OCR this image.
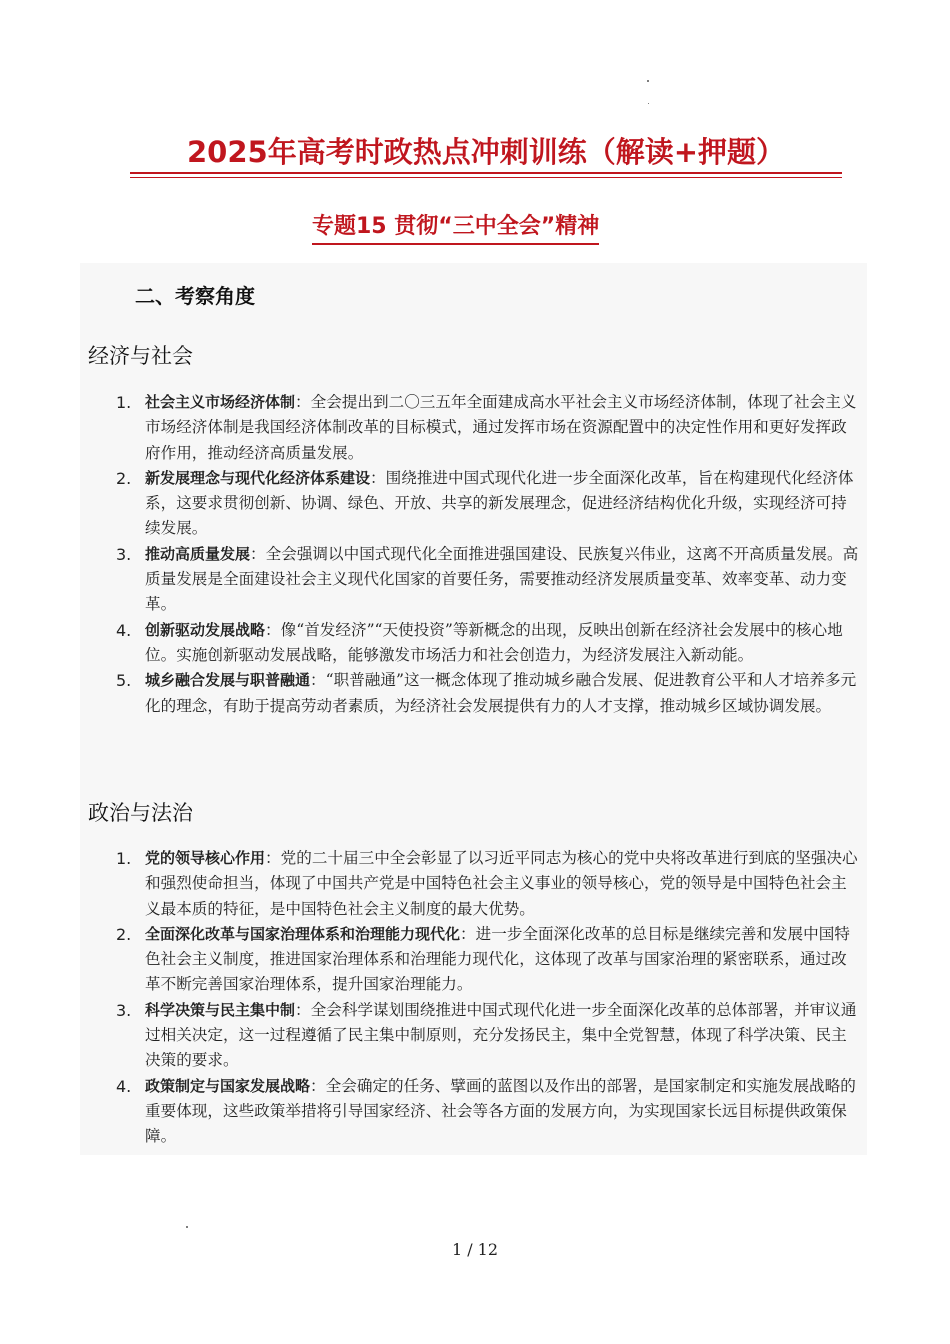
2025年高考时政热点冲刺训练（解读+押题）
专题15 贯彻“三中全会”精神
二、考察角度
经济与社会
1. 社会主义市场经济体制：全会提出到二〇三五年全面建成高水平社会主义市场经济体制，体现了社会主义市场经济体制是我国经济体制改革的目标模式，通过发挥市场在资源配置中的决定性作用和更好发挥政府作用，推动经济高质量发展。
2. 新发展理念与现代化经济体系建设：围绕推进中国式现代化进一步全面深化改革，旨在构建现代化经济体系，这要求贯彻创新、协调、绿色、开放、共享的新发展理念，促进经济结构优化升级，实现经济可持续发展。
3. 推动高质量发展：全会强调以中国式现代化全面推进强国建设、民族复兴伟业，这离不开高质量发展。高质量发展是全面建设社会主义现代化国家的首要任务，需要推动经济发展质量变革、效率变革、动力变革。
4. 创新驱动发展战略：像“首发经济”“天使投资”等新概念的出现，反映出创新在经济社会发展中的核心地位。实施创新驱动发展战略，能够激发市场活力和社会创造力，为经济发展注入新动能。
5. 城乡融合发展与职普融通：“职普融通”这一概念体现了推动城乡融合发展、促进教育公平和人才培养多元化的理念，有助于提高劳动者素质，为经济社会发展提供有力的人才支撑，推动城乡区域协调发展。
政治与法治
1. 党的领导核心作用：党的二十届三中全会彰显了以习近平同志为核心的党中央将改革进行到底的坚强决心和强烈使命担当，体现了中国共产党是中国特色社会主义事业的领导核心，党的领导是中国特色社会主义最本质的特征，是中国特色社会主义制度的最大优势。
2. 全面深化改革与国家治理体系和治理能力现代化：进一步全面深化改革的总目标是继续完善和发展中国特色社会主义制度，推进国家治理体系和治理能力现代化，这体现了改革与国家治理的紧密联系，通过改革不断完善国家治理体系，提升国家治理能力。
3. 科学决策与民主集中制：全会科学谋划围绕推进中国式现代化进一步全面深化改革的总体部署，并审议通过相关决定，这一过程遵循了民主集中制原则，充分发扬民主，集中全党智慧，体现了科学决策、民主决策的要求。
4. 政策制定与国家发展战略：全会确定的任务、擘画的蓝图以及作出的部署，是国家制定和实施发展战略的重要体现，这些政策举措将引导国家经济、社会等各方面的发展方向，为实现国家长远目标提供政策保障。
1 / 12
